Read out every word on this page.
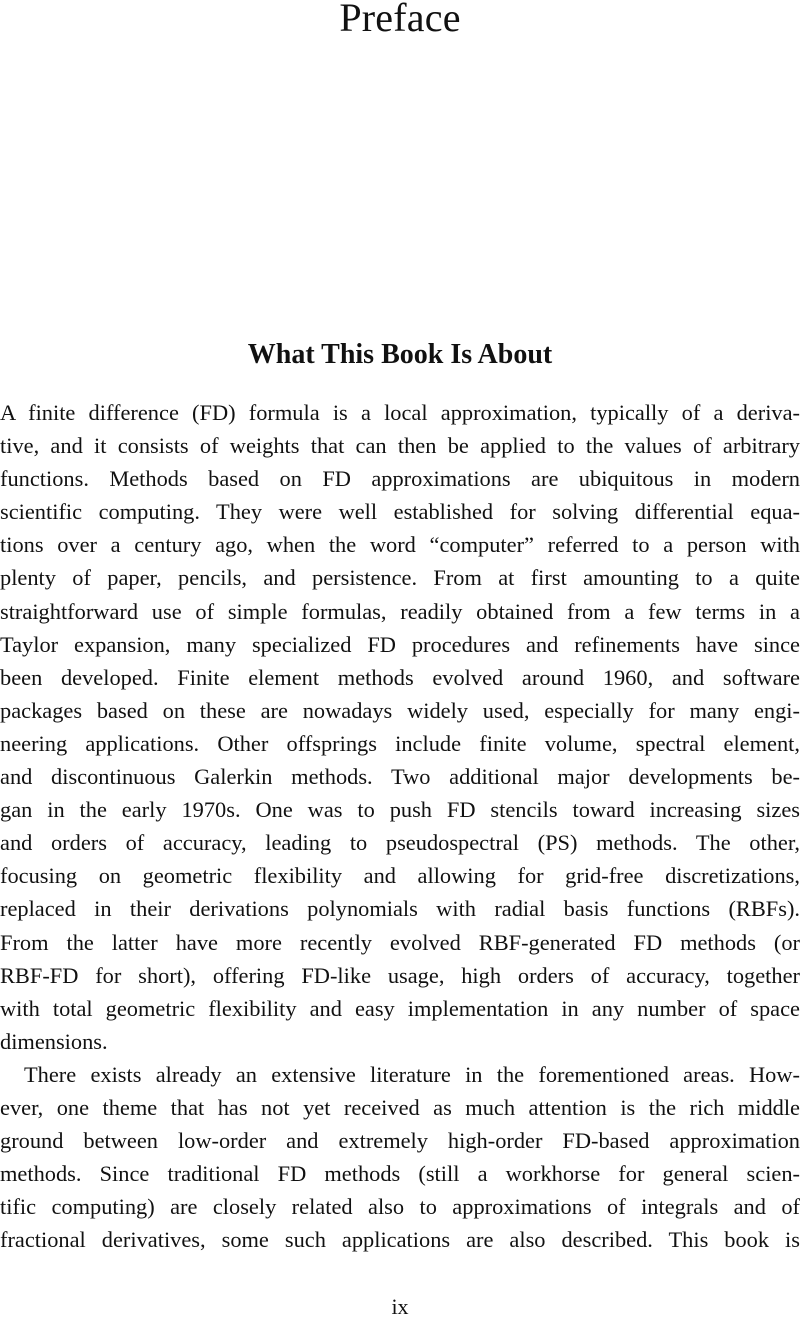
Preface
What This Book Is About

A finite difference (FD) formula is a local approximation, typically of a deriva-
tive, and it consists of weights that can then be applied to the values of arbitrary
functions. Methods based on FD approximations are ubiquitous in modern
scientific computing. They were well established for solving differential equa-
tions over a century ago, when the word “computer” referred to a person with
plenty of paper, pencils, and persistence. From at first amounting to a quite
straightforward use of simple formulas, readily obtained from a few terms in a
Taylor expansion, many specialized FD procedures and refinements have since
been developed. Finite element methods evolved around 1960, and software
packages based on these are nowadays widely used, especially for many engi-
neering applications. Other offsprings include finite volume, spectral element,
and discontinuous Galerkin methods. Two additional major developments be-
gan in the early 1970s. One was to push FD stencils toward increasing sizes
and orders of accuracy, leading to pseudospectral (PS) methods. The other,
focusing on geometric flexibility and allowing for grid-free discretizations,
replaced in their derivations polynomials with radial basis functions (RBFs).
From the latter have more recently evolved RBF-generated FD methods (or
RBF-FD for short), offering FD-like usage, high orders of accuracy, together
with total geometric flexibility and easy implementation in any number of space
dimensions.

There exists already an extensive literature in the forementioned areas. How-
ever, one theme that has not yet received as much attention is the rich middle
ground between low-order and extremely high-order FD-based approximation
methods. Since traditional FD methods (still a workhorse for general scien-
tific computing) are closely related also to approximations of integrals and of
fractional derivatives, some such applications are also described. This book is

ix
